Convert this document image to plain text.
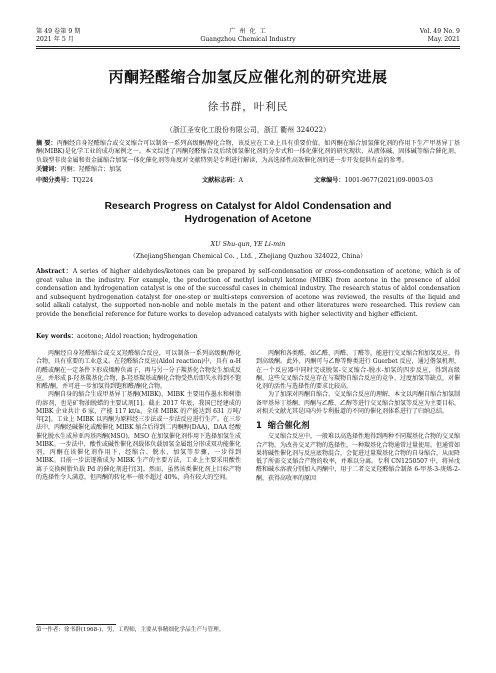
第 49 卷第 9 期
2021 年 5 月
广 州 化 工
Guangzhou Chemical Industry
Vol. 49 No. 9
May. 2021
丙酮羟醛缩合加氢反应催化剂的研究进展
徐书群，叶利民
（浙江圣安化工股份有限公司，浙江 衢州 324022）
摘 要：丙酮经自身羟醛缩合或交叉缩合可以制备一系列高级酮/醇化合物，该反应在工业上具有重要价值。如丙酮在缩合加氢催化剂的作用下生产甲基异丁基酮(MIBK)是化学工业的成功案例之一。本文综述了丙酮羟醛缩合及后续加氢催化剂的分步式和一体化催化剂的研究现状，从液体碱、固体碱等缩合催化剂、负载型非贵金属和贵金属缩合加氢一体化催化剂等角度对文献特别是专利进行解读，为高选择性高效催化剂的进一步开发提供有益的参考。
关键词：丙酮；羟醛缩合；加氢
中图分类号：TQ224	文献标志码：A	文章编号：1001-9677(2021)09-0003-03
Research Progress on Catalyst for Aldol Condensation and
Hydrogenation of Acetone
XU Shu-qun, YE Li-min
（ZhejiangShengan Chemical Co. , Ltd. , Zhejiang Quzhou 324022, China）
Abstract：A series of higher aldehydes/ketones can be prepared by self-condensation or cross-condensation of acetone, which is of great value in the industry. For example, the production of methyl isobutyl ketone (MIBK) from acetone in the presence of aldol condensation and hydrogenation catalyst is one of the successful cases in chemical industry. The research status of aldol condensation and subsequent hydrogenation catalyst for one-step or multi-steps conversion of acetone was reviewed, the results of the liquid and solid alkali catalyst, the supported non-noble and noble metals in the patent and other literatures were researched. This review can provide the beneficial reference for future works to develop advanced catalysts with higher selectivity and higher efficient.
Key words：acetone; Aldol reaction; hydrogenation
丙酮经自身羟醛缩合或交叉羟醛缩合反应，可以制备一系列高级酮/醇化合物，具有重要的工业意义。在羟醛缩合反应(Aldol reaction)中，具有 α-H 的醛或酮在一定条件下形成烯醇负离子，再与另一分子羰基化合物发生加成反应，并形成 β-羟基羰基化合物，β-羟基羰基或酮化合物受热后即失水得到不饱和醛/酮，并可进一步加氢得到饱和醛/酮化合物。
丙酮自身的缩合生成甲基异丁基酮(MIBK)，MIBK 主要用作墨水和树脂的溶剂，也是矿物油脱蜡的主要试剂[1]。截止 2017 年底，我国已经建成的 MIBK 企业共计 6 家，产能 117 kt/a，全球 MIBK 的产能达到 631 万吨/年[2]。工业上 MIBK 以丙酮为原料经三步法或一步法反应进行生产。在三步法中，丙酮经碱催化或酸催化 MIBK 缩合后得到二丙酮醇(DAA)，DAA 经酸催化脱水生成异亚丙基丙酮(MSO)，MSO 在加氢催化剂作用下选择加氢生成 MIBK。一步法中，酸性或碱性催化剂载体负载加氢金属组分形成双功能催化剂，丙酮在该催化剂作用下，经缩合、脱水、加氢等步骤，一步得到 MIBK。目前一步法逐渐成为 MIBK 生产的主要方法，工业上主要采用酸性离子交换树脂负载 Pd 的催化剂进行[3]。然而，虽然该类催化剂上目标产物的选择性令人满意，但丙酮的转化率一般不超过 40%，尚有较大的空间。
丙酮和各类醛，如乙醛、丙醛、丁醛等，能进行交叉缩合和加氢反应，得到高级酮。此外，丙酮可与乙醇等醇类进行 Guerbet 反应，通过偕氢机理，在一个反应器中同时完成脱氢-交叉缩合-脱水-加氢的四步反应，得到高级酮，这些交叉缩合反应存在与羰物自缩合反应的竞争、过度加氢等缺点，对催化剂的活性与选择性的要求比较高。
为了加深对丙酮自缩合、交叉缩合反应的理解，本文以丙酮自缩合加氢制备甲基异丁基酮、丙酮与乙醛、乙醇等进行交叉缩合加氢等反应为主要目标，对相关文献尤其是国内外专利报道的不同的催化剂体系进行了归纳总结。
1 缩合催化剂
交叉缩合反应中，一般难以高选择性地得到两种不同羰基化合物的交叉缩合产物。为改善交叉产物的选择性，一种羰基化合物通常过量使用。但通常如果将碱性催化剂与反应底物混合，会促进过量羰基化合物的自身缩合，从而降低了所需交叉缩合产物的收率，并难以分离。专利 CN1250507 中，将异戊醛和碱水溶液分别加入丙酮中，用于二者交叉羟醛缩合制备 6-甲基-3-庚烯-2-酮，获得高收率的原因
第一作者：徐书群(1968-)，男，工程师，主要从事精细化学品生产与管理。
